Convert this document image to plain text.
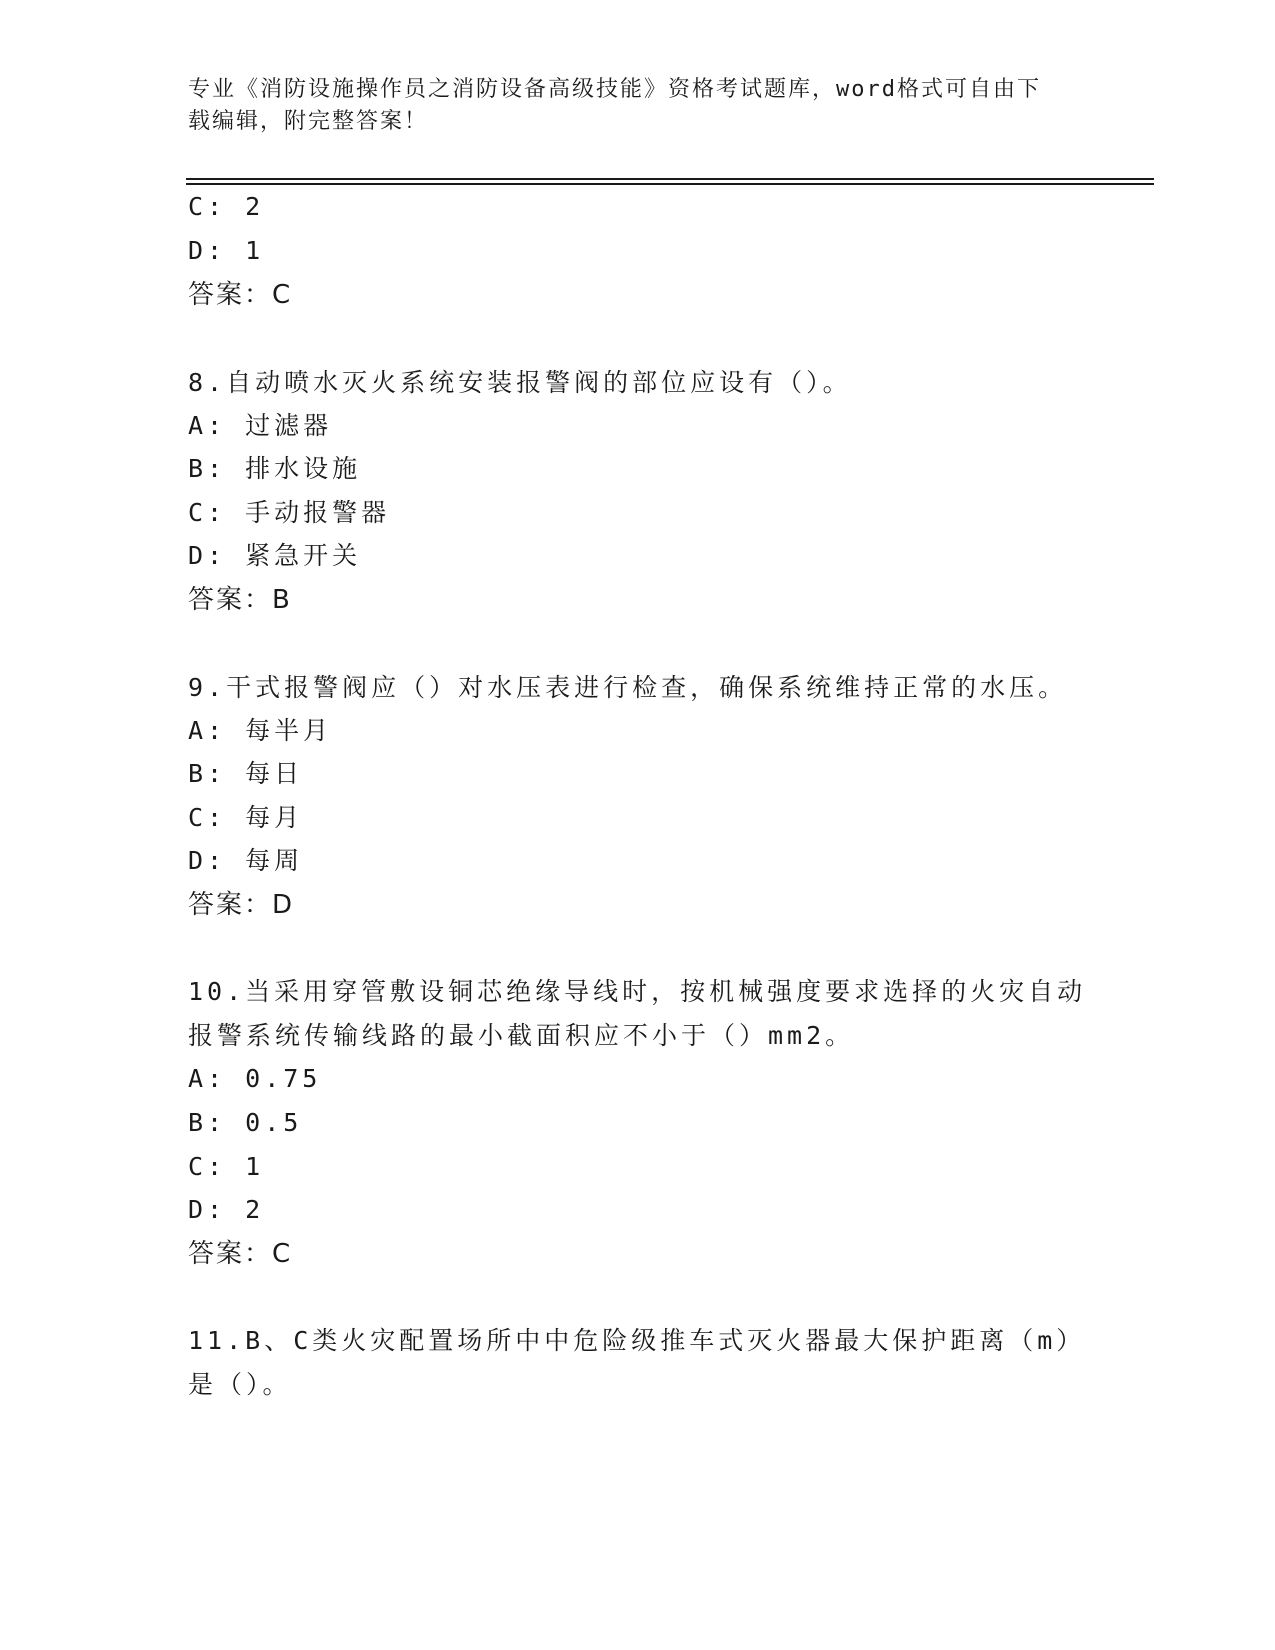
专业《消防设施操作员之消防设备高级技能》资格考试题库，word格式可自由下
载编辑，附完整答案！
C: 2
D: 1
答案：C
8.自动喷水灭火系统安装报警阀的部位应设有（）。
A: 过滤器
B: 排水设施
C: 手动报警器
D: 紧急开关
答案：B
9.干式报警阀应（）对水压表进行检查，确保系统维持正常的水压。
A: 每半月
B: 每日
C: 每月
D: 每周
答案：D
10.当采用穿管敷设铜芯绝缘导线时，按机械强度要求选择的火灾自动
报警系统传输线路的最小截面积应不小于（）mm2。
A: 0.75
B: 0.5
C: 1
D: 2
答案：C
11.B、C类火灾配置场所中中危险级推车式灭火器最大保护距离（m）
是（）。
